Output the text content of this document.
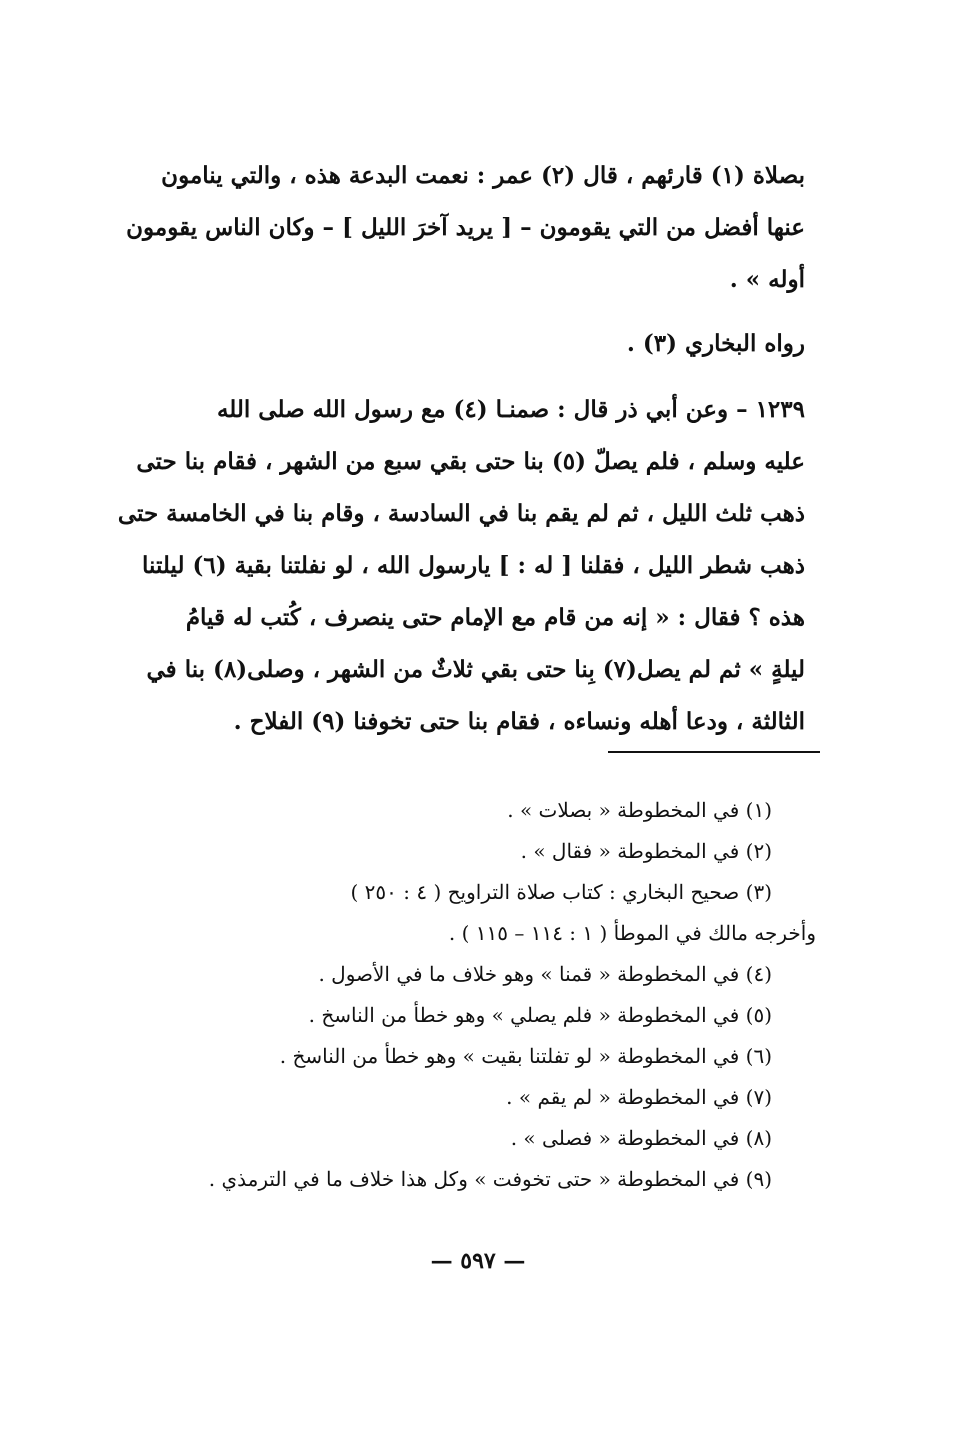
بصلاة (١) قارئهم ، قال (٢) عمر : نعمت البدعة هذه ، والتي ينامون
عنها أفضل من التي يقومون – [ يريد آخرَ الليل ] – وكان الناس يقومون
أوله » .
رواه البخاري (٣) .
١٢٣٩ – وعن أبي ذر قال : صمنـا (٤) مع رسول الله صلى الله
عليه وسلم ، فلم يصلّ (٥) بنا حتى بقي سبع من الشهر ، فقام بنا حتى
ذهب ثلث الليل ، ثم لم يقم بنا في السادسة ، وقام بنا في الخامسة حتى
ذهب شطر الليل ، فقلنا [ له : ] يارسول الله ، لو نفلتنا بقية (٦) ليلتنا
هذه ؟ فقال : « إنه من قام مع الإمام حتى ينصرف ، كُتب له قيامُ
ليلةٍ » ثم لم يصل(٧) بِنا حتى بقي ثلاثٌ من الشهر ، وصلى(٨) بنا في
الثالثة ، ودعا أهله ونساءه ، فقام بنا حتى تخوفنا (٩) الفلاح .
(١) في المخطوطة « بصلات » .
(٢) في المخطوطة « فقال » .
(٣) صحيح البخاري : كتاب صلاة التراويح ( ٤ : ٢٥٠ )
وأخرجه مالك في الموطأ ( ١ : ١١٤ – ١١٥ ) .
(٤) في المخطوطة « قمنا » وهو خلاف ما في الأصول .
(٥) في المخطوطة « فلم يصلي » وهو خطأ من الناسخ .
(٦) في المخطوطة « لو تفلتنا بقيت » وهو خطأ من الناسخ .
(٧) في المخطوطة « لم يقم » .
(٨) في المخطوطة « فصلى » .
(٩) في المخطوطة « حتى تخوفت » وكل هذا خلاف ما في الترمذي .
— ٥٩٧ —
